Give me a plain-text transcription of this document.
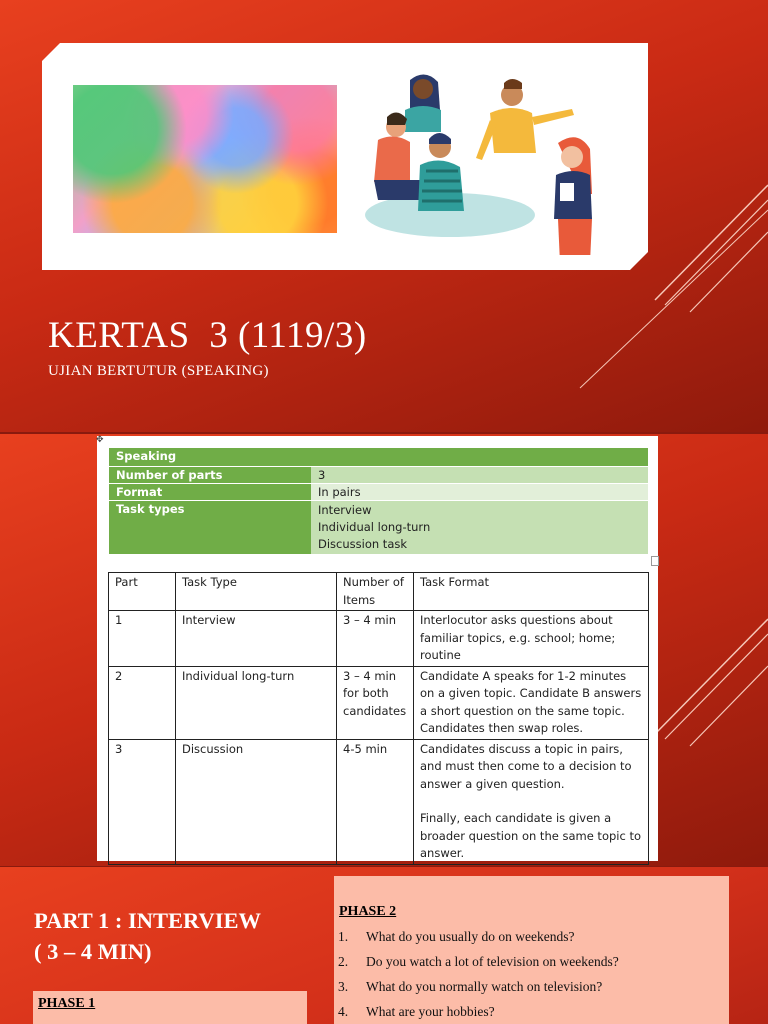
KERTAS  3 (1119/3)
UJIAN BERTUTUR (SPEAKING)
✥
Speaking	
Number of parts	3
Format	In pairs
Task types	Interview
Individual long-turn
Discussion task
Part	Task Type	Number of Items	Task Format
1	Interview	3 – 4 min	Interlocutor asks questions about familiar topics, e.g. school; home; routine
2	Individual long-turn	3 – 4 min for both candidates	Candidate A speaks for 1-2 minutes on a given topic. Candidate B answers a short question on the same topic. Candidates then swap roles.
3	Discussion	4-5 min	Candidates discuss a topic in pairs, and must then come to a decision to answer a given question.
Finally, each candidate is given a broader question on the same topic to answer.
PART 1 : INTERVIEW
( 3 – 4 MIN)
PHASE 1
PHASE 2
1.	What do you usually do on weekends?
2.	Do you watch a lot of television on weekends?
3.	What do you normally watch on television?
4.	What are your hobbies?
